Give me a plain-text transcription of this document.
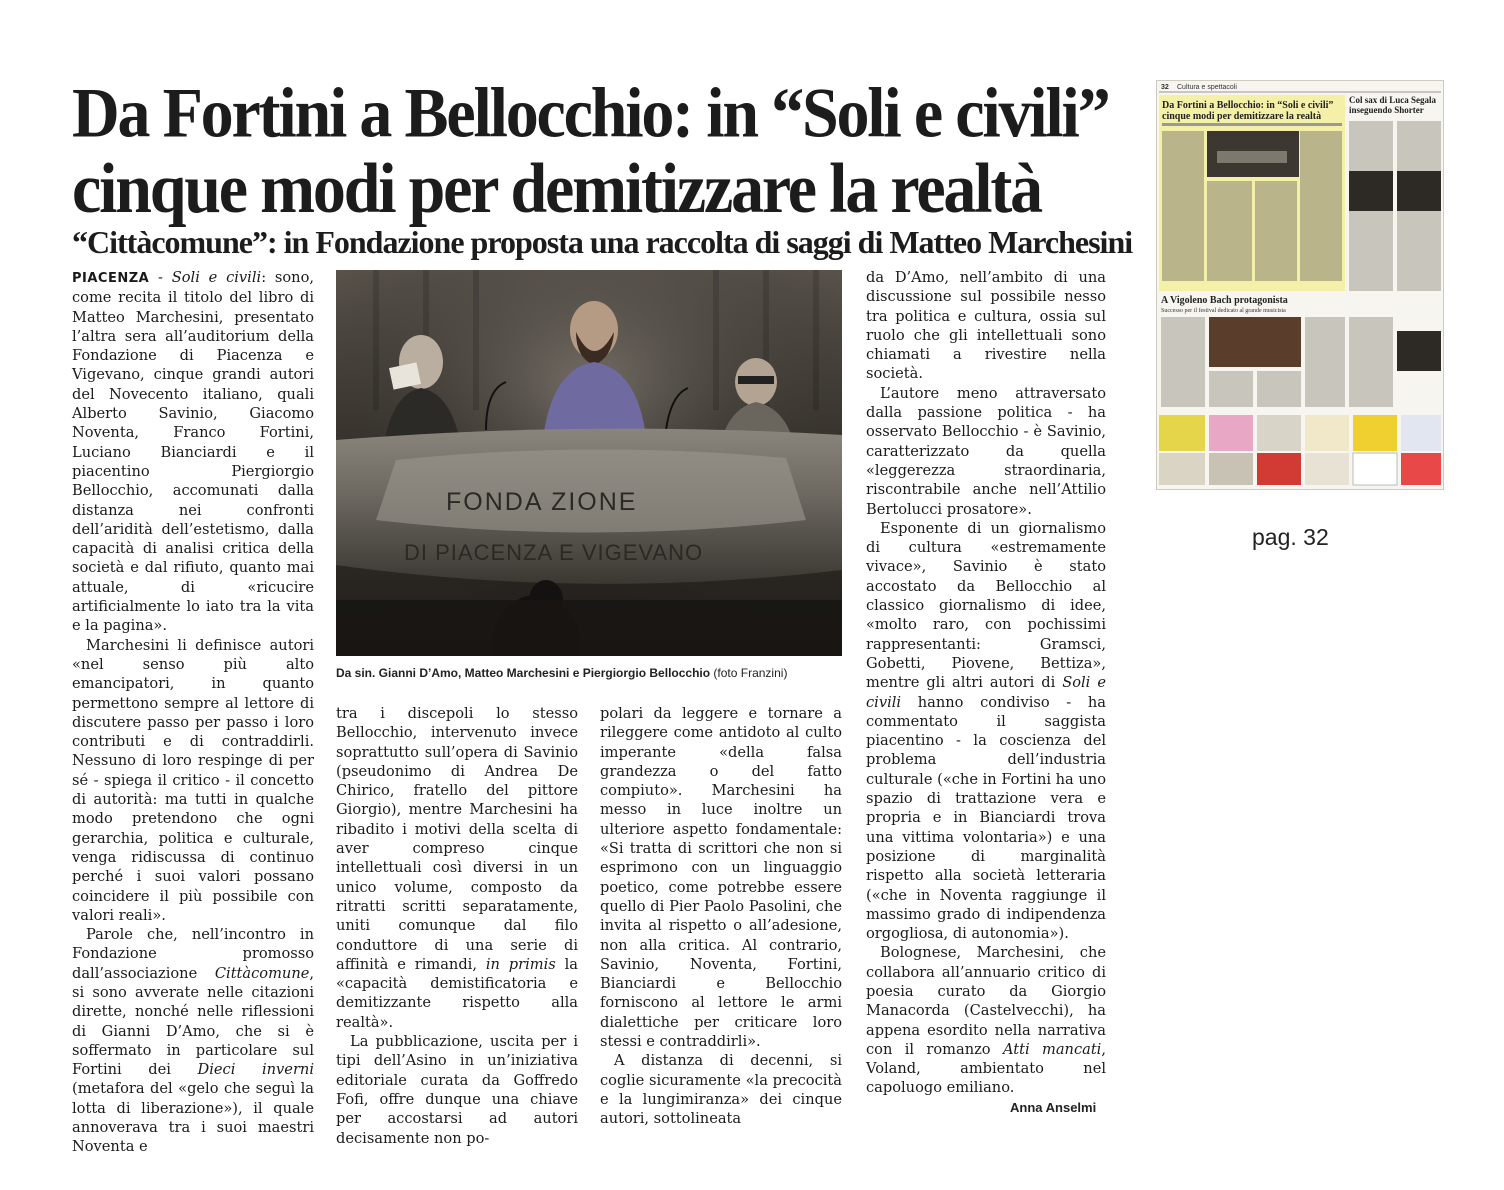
Da Fortini a Bellocchio: in “Soli e civili”
cinque modi per demitizzare la realtà
“Cittàcomune”: in Fondazione proposta una raccolta di saggi di Matteo Marchesini

PIACENZA - Soli e civili: sono, come recita il titolo del libro di Matteo Marchesini, presentato l’altra sera all’auditorium della Fondazione di Piacenza e Vigevano, cinque grandi autori del Novecento italiano, quali Alberto Savinio, Giacomo Noventa, Franco Fortini, Luciano Bianciardi e il piacentino Piergiorgio Bellocchio, accomunati dalla distanza nei confronti dell’aridità dell’estetismo, dalla capacità di analisi critica della società e dal rifiuto, quanto mai attuale, di «ricucire artificialmente lo iato tra la vita e la pagina».

Marchesini li definisce autori «nel senso più alto emancipatori, in quanto permettono sempre al lettore di discutere passo per passo i loro contributi e di contraddirli. Nessuno di loro respinge di per sé - spiega il critico - il concetto di autorità: ma tutti in qualche modo pretendono che ogni gerarchia, politica e culturale, venga ridiscussa di continuo perché i suoi valori possano coincidere il più possibile con valori reali».

Parole che, nell’incontro in Fondazione promosso dall’associazione Cittàcomune, si sono avverate nelle citazioni dirette, nonché nelle riflessioni di Gianni D’Amo, che si è soffermato in particolare sul Fortini dei Dieci inverni (metafora del «gelo che seguì la lotta di liberazione»), il quale annoverava tra i suoi maestri Noventa e

FONDA ZIONE
DI PIACENZA E VIGEVANO
Da sin. Gianni D’Amo, Matteo Marchesini e Piergiorgio Bellocchio (foto Franzini)

tra i discepoli lo stesso Bellocchio, intervenuto invece soprattutto sull’opera di Savinio (pseudonimo di Andrea De Chirico, fratello del pittore Giorgio), mentre Marchesini ha ribadito i motivi della scelta di aver compreso cinque intellettuali così diversi in un unico volume, composto da ritratti scritti separatamente, uniti comunque dal filo conduttore di una serie di affinità e rimandi, in primis la «capacità demistificatoria e demitizzante rispetto alla realtà».

La pubblicazione, uscita per i tipi dell’Asino in un’iniziativa editoriale curata da Goffredo Fofi, offre dunque una chiave per accostarsi ad autori decisamente non po-

polari da leggere e tornare a rileggere come antidoto al culto imperante «della falsa grandezza o del fatto compiuto». Marchesini ha messo in luce inoltre un ulteriore aspetto fondamentale: «Si tratta di scrittori che non si esprimono con un linguaggio poetico, come potrebbe essere quello di Pier Paolo Pasolini, che invita al rispetto o all’adesione, non alla critica. Al contrario, Savinio, Noventa, Fortini, Bianciardi e Bellocchio forniscono al lettore le armi dialettiche per criticare loro stessi e contraddirli».

A distanza di decenni, si coglie sicuramente «la precocità e la lungimiranza» dei cinque autori, sottolineata

da D’Amo, nell’ambito di una discussione sul possibile nesso tra politica e cultura, ossia sul ruolo che gli intellettuali sono chiamati a rivestire nella società.

L’autore meno attraversato dalla passione politica - ha osservato Bellocchio - è Savinio, caratterizzato da quella «leggerezza straordinaria, riscontrabile anche nell’Attilio Bertolucci prosatore».

Esponente di un giornalismo di cultura «estremamente vivace», Savinio è stato accostato da Bellocchio al classico giornalismo di idee, «molto raro, con pochissimi rappresentanti: Gramsci, Gobetti, Piovene, Bettiza», mentre gli altri autori di Soli e civili hanno condiviso - ha commentato il saggista piacentino - la coscienza del problema dell’industria culturale («che in Fortini ha uno spazio di trattazione vera e propria e in Bianciardi trova una vittima volontaria») e una posizione di marginalità rispetto alla società letteraria («che in Noventa raggiunge il massimo grado di indipendenza orgogliosa, di autonomia»).

Bolognese, Marchesini, che collabora all’annuario critico di poesia curato da Giorgio Manacorda (Castelvecchi), ha appena esordito nella narrativa con il romanzo Atti mancati, Voland, ambientato nel capoluogo emiliano.

Anna Anselmi
32 Cultura e spettacoli
Da Fortini a Bellocchio: in “Soli e civili”
cinque modi per demitizzare la realtà
Col sax di Luca Segala
inseguendo Shorter
A Vigoleno Bach protagonista
Successo per il festival dedicato al grande musicista
pag. 32
